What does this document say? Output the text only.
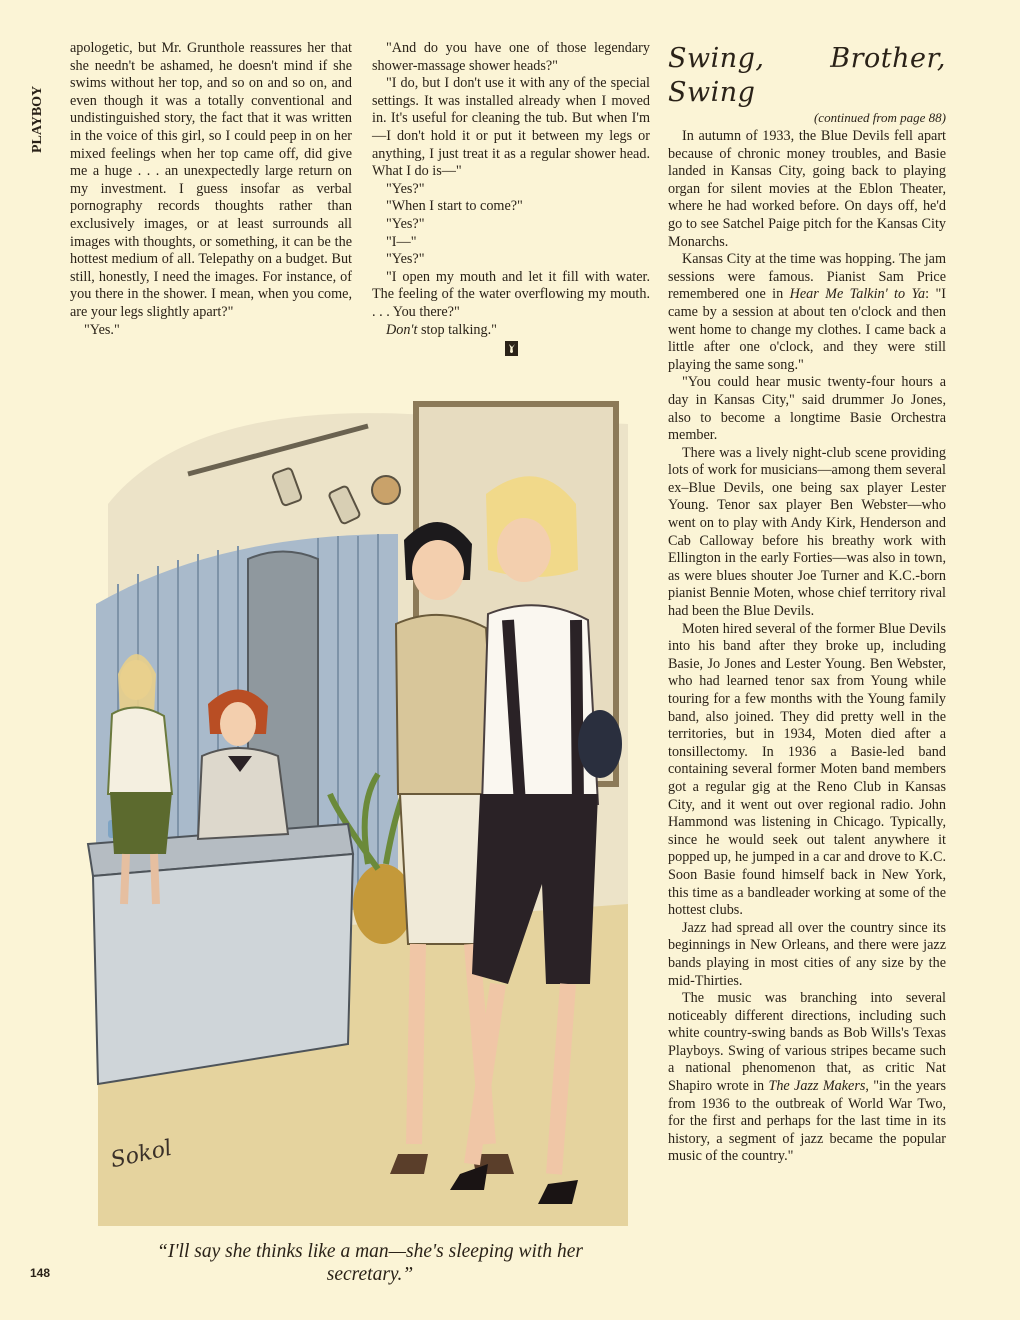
PLAYBOY

apologetic, but Mr. Grunthole reassures her that she needn't be ashamed, he doesn't mind if she swims without her top, and so on and so on, and even though it was a totally conventional and undistinguished story, the fact that it was written in the voice of this girl, so I could peep in on her mixed feelings when her top came off, did give me a huge . . . an unexpectedly large return on my investment. I guess insofar as verbal pornography records thoughts rather than exclusively images, or at least surrounds all images with thoughts, or something, it can be the hottest medium of all. Telepathy on a budget. But still, honestly, I need the images. For instance, of you there in the shower. I mean, when you come, are your legs slightly apart?"

"Yes."

"And do you have one of those legendary shower-massage shower heads?"

"I do, but I don't use it with any of the special settings. It was installed already when I moved in. It's useful for cleaning the tub. But when I'm—I don't hold it or put it between my legs or anything, I just treat it as a regular shower head. What I do is—"

"Yes?"

"When I start to come?"

"Yes?"

"I—"

"Yes?"

"I open my mouth and let it fill with water. The feeling of the water overflowing my mouth. . . . You there?"

Don't stop talking."

Swing, Brother, Swing
(continued from page 88)

In autumn of 1933, the Blue Devils fell apart because of chronic money troubles, and Basie landed in Kansas City, going back to playing organ for silent movies at the Eblon Theater, where he had worked before. On days off, he'd go to see Satchel Paige pitch for the Kansas City Monarchs.

Kansas City at the time was hopping. The jam sessions were famous. Pianist Sam Price remembered one in Hear Me Talkin' to Ya: "I came by a session at about ten o'clock and then went home to change my clothes. I came back a little after one o'clock, and they were still playing the same song."

"You could hear music twenty-four hours a day in Kansas City," said drummer Jo Jones, also to become a longtime Basie Orchestra member.

There was a lively night-club scene providing lots of work for musicians—among them several ex–Blue Devils, one being sax player Lester Young. Tenor sax player Ben Webster—who went on to play with Andy Kirk, Henderson and Cab Calloway before his breathy work with Ellington in the early Forties—was also in town, as were blues shouter Joe Turner and K.C.-born pianist Bennie Moten, whose chief territory rival had been the Blue Devils.

Moten hired several of the former Blue Devils into his band after they broke up, including Basie, Jo Jones and Lester Young. Ben Webster, who had learned tenor sax from Young while touring for a few months with the Young family band, also joined. They did pretty well in the territories, but in 1934, Moten died after a tonsillectomy. In 1936 a Basie-led band containing several former Moten band members got a regular gig at the Reno Club in Kansas City, and it went out over regional radio. John Hammond was listening in Chicago. Typically, since he would seek out talent anywhere it popped up, he jumped in a car and drove to K.C. Soon Basie found himself back in New York, this time as a bandleader working at some of the hottest clubs.

Jazz had spread all over the country since its beginnings in New Orleans, and there were jazz bands playing in most cities of any size by the mid-Thirties.

The music was branching into several noticeably different directions, including such white country-swing bands as Bob Wills's Texas Playboys. Swing of various stripes became such a national phenomenon that, as critic Nat Shapiro wrote in The Jazz Makers, "in the years from 1936 to the outbreak of World War Two, for the first and perhaps for the last time in its history, a segment of jazz became the popular music of the country."

Sokol
“I'll say she thinks like a man—she's sleeping with her secretary.”
148
